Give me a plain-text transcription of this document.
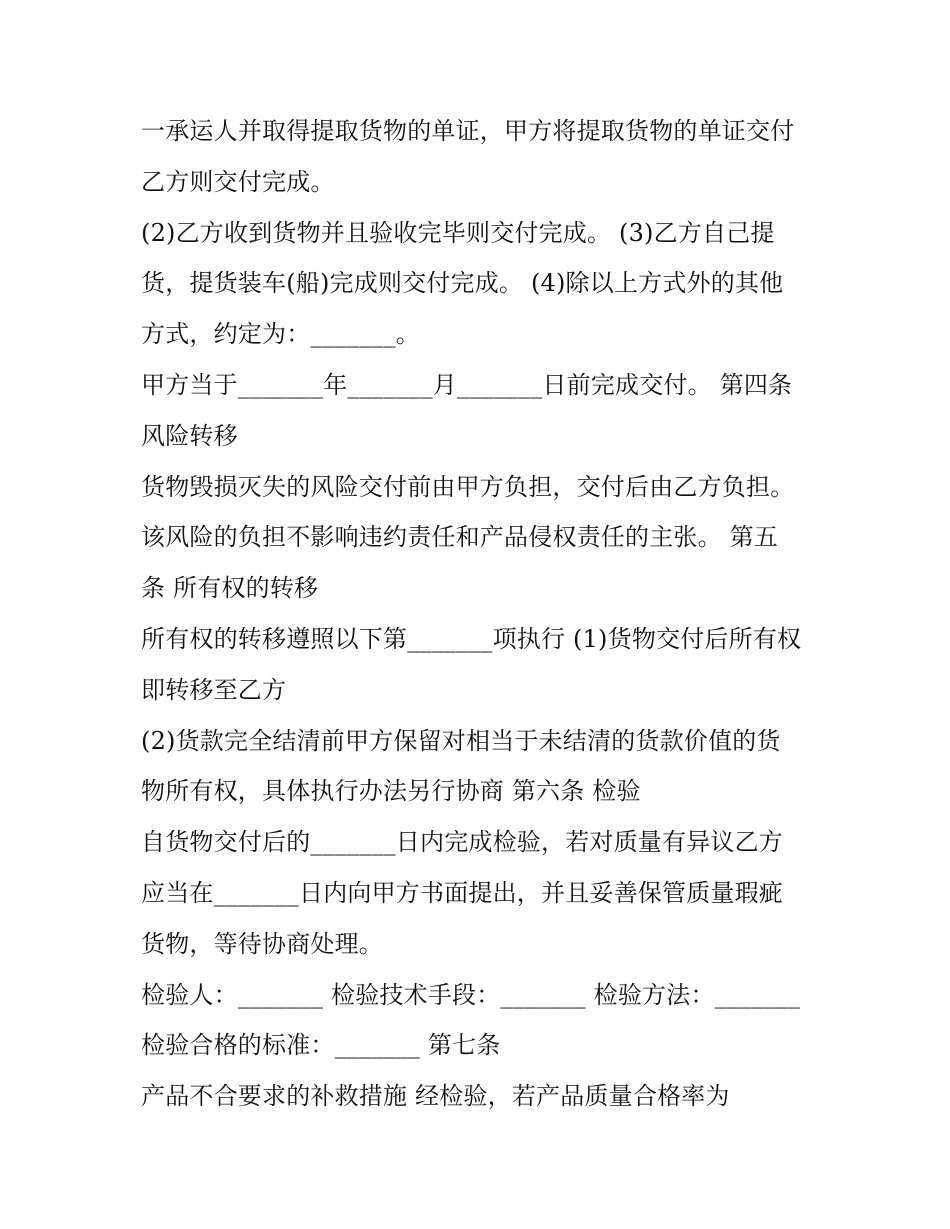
一承运人并取得提取货物的单证，甲方将提取货物的单证交付
乙方则交付完成。
(2)乙方收到货物并且验收完毕则交付完成。 (3)乙方自己提
货，提货装车(船)完成则交付完成。 (4)除以上方式外的其他
方式，约定为：_______。
甲方当于_______年_______月_______日前完成交付。 第四条
风险转移
货物毁损灭失的风险交付前由甲方负担，交付后由乙方负担。
该风险的负担不影响违约责任和产品侵权责任的主张。 第五
条 所有权的转移
所有权的转移遵照以下第_______项执行 (1)货物交付后所有权
即转移至乙方
(2)货款完全结清前甲方保留对相当于未结清的货款价值的货
物所有权，具体执行办法另行协商 第六条 检验
自货物交付后的_______日内完成检验，若对质量有异议乙方
应当在_______日内向甲方书面提出，并且妥善保管质量瑕疵
货物，等待协商处理。
检验人：_______ 检验技术手段：_______ 检验方法：_______
检验合格的标准：_______ 第七条
产品不合要求的补救措施 经检验，若产品质量合格率为
